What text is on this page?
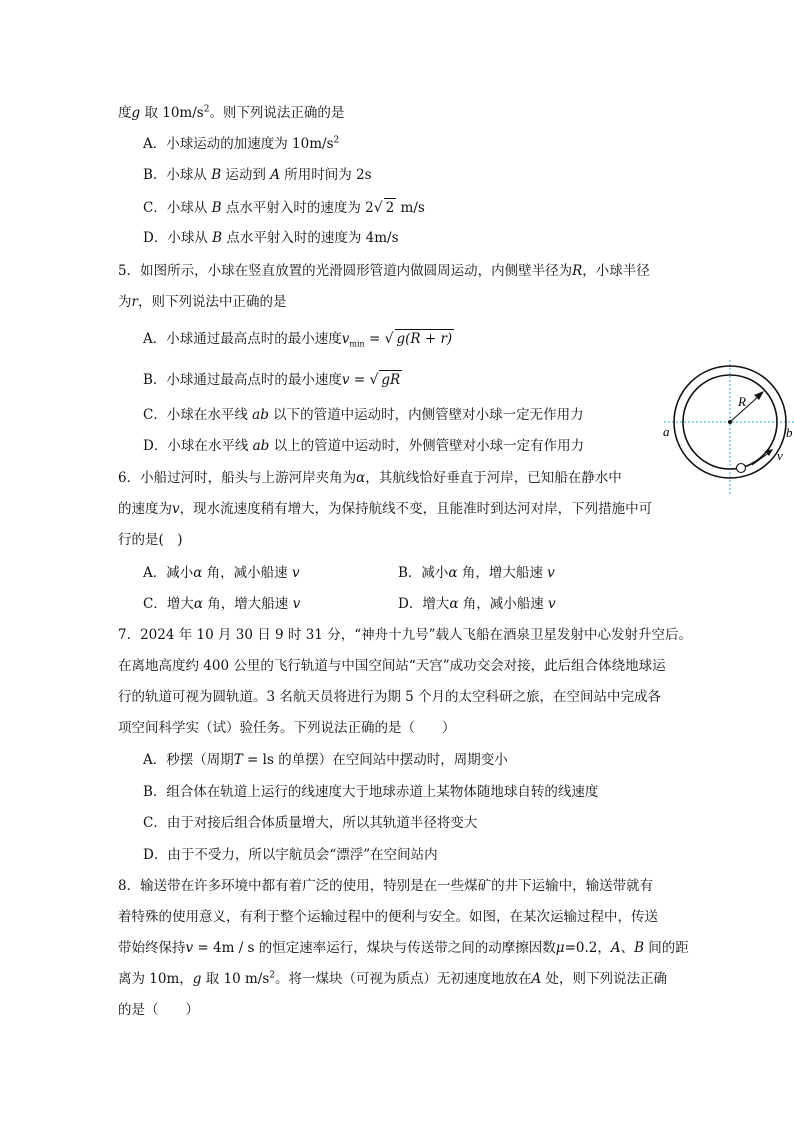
度g 取 $10m/s^2$。则下列说法正确的是
A．小球运动的加速度为 $10m/s^2$
B．小球从 B 运动到 A 所用时间为 2s
C．小球从 B 点水平射入时的速度为 2√ 2 m/s
D．小球从 B 点水平射入时的速度为 4m/s
5．如图所示，小球在竖直放置的光滑圆形管道内做圆周运动，内侧壁半径为R，小球半径
为r，则下列说法中正确的是
A．小球通过最高点时的最小速度$v_{min}$ = √ g(R + r)
B．小球通过最高点时的最小速度v = √ gR
C．小球在水平线 ab 以下的管道中运动时，内侧管壁对小球一定无作用力
D．小球在水平线 ab 以上的管道中运动时，外侧管壁对小球一定有作用力
R
a	b
v
6．小船过河时，船头与上游河岸夹角为α，其航线恰好垂直于河岸，已知船在静水中
的速度为v，现水流速度稍有增大，为保持航线不变，且能准时到达河对岸，下列措施中可
行的是(　)
A．减小α 角，减小船速 v	B．减小α 角，增大船速 v
C．增大α 角，增大船速 v	D．增大α 角，减小船速 v
7．2024 年 10 月 30 日 9 时 31 分，“神舟十九号”载人飞船在酒泉卫星发射中心发射升空后。
在离地高度约 400 公里的飞行轨道与中国空间站“天宫”成功交会对接，此后组合体绕地球运
行的轨道可视为圆轨道。3 名航天员将进行为期 5 个月的太空科研之旅，在空间站中完成各
项空间科学实（试）验任务。下列说法正确的是（　　）
A．秒摆（周期T = ls 的单摆）在空间站中摆动时，周期变小
B．组合体在轨道上运行的线速度大于地球赤道上某物体随地球自转的线速度
C．由于对接后组合体质量增大，所以其轨道半径将变大
D．由于不受力，所以宇航员会“漂浮”在空间站内
8．输送带在许多环境中都有着广泛的使用，特别是在一些煤矿的井下运输中，输送带就有
着特殊的使用意义，有利于整个运输过程中的便利与安全。如图，在某次运输过程中，传送
带始终保持v = 4m / s 的恒定速率运行，煤块与传送带之间的动摩擦因数μ=0.2，A、B 间的距
离为 10m，g 取 10 $m/s^2$。将一煤块（可视为质点）无初速度地放在A 处，则下列说法正确
的是（　　）
